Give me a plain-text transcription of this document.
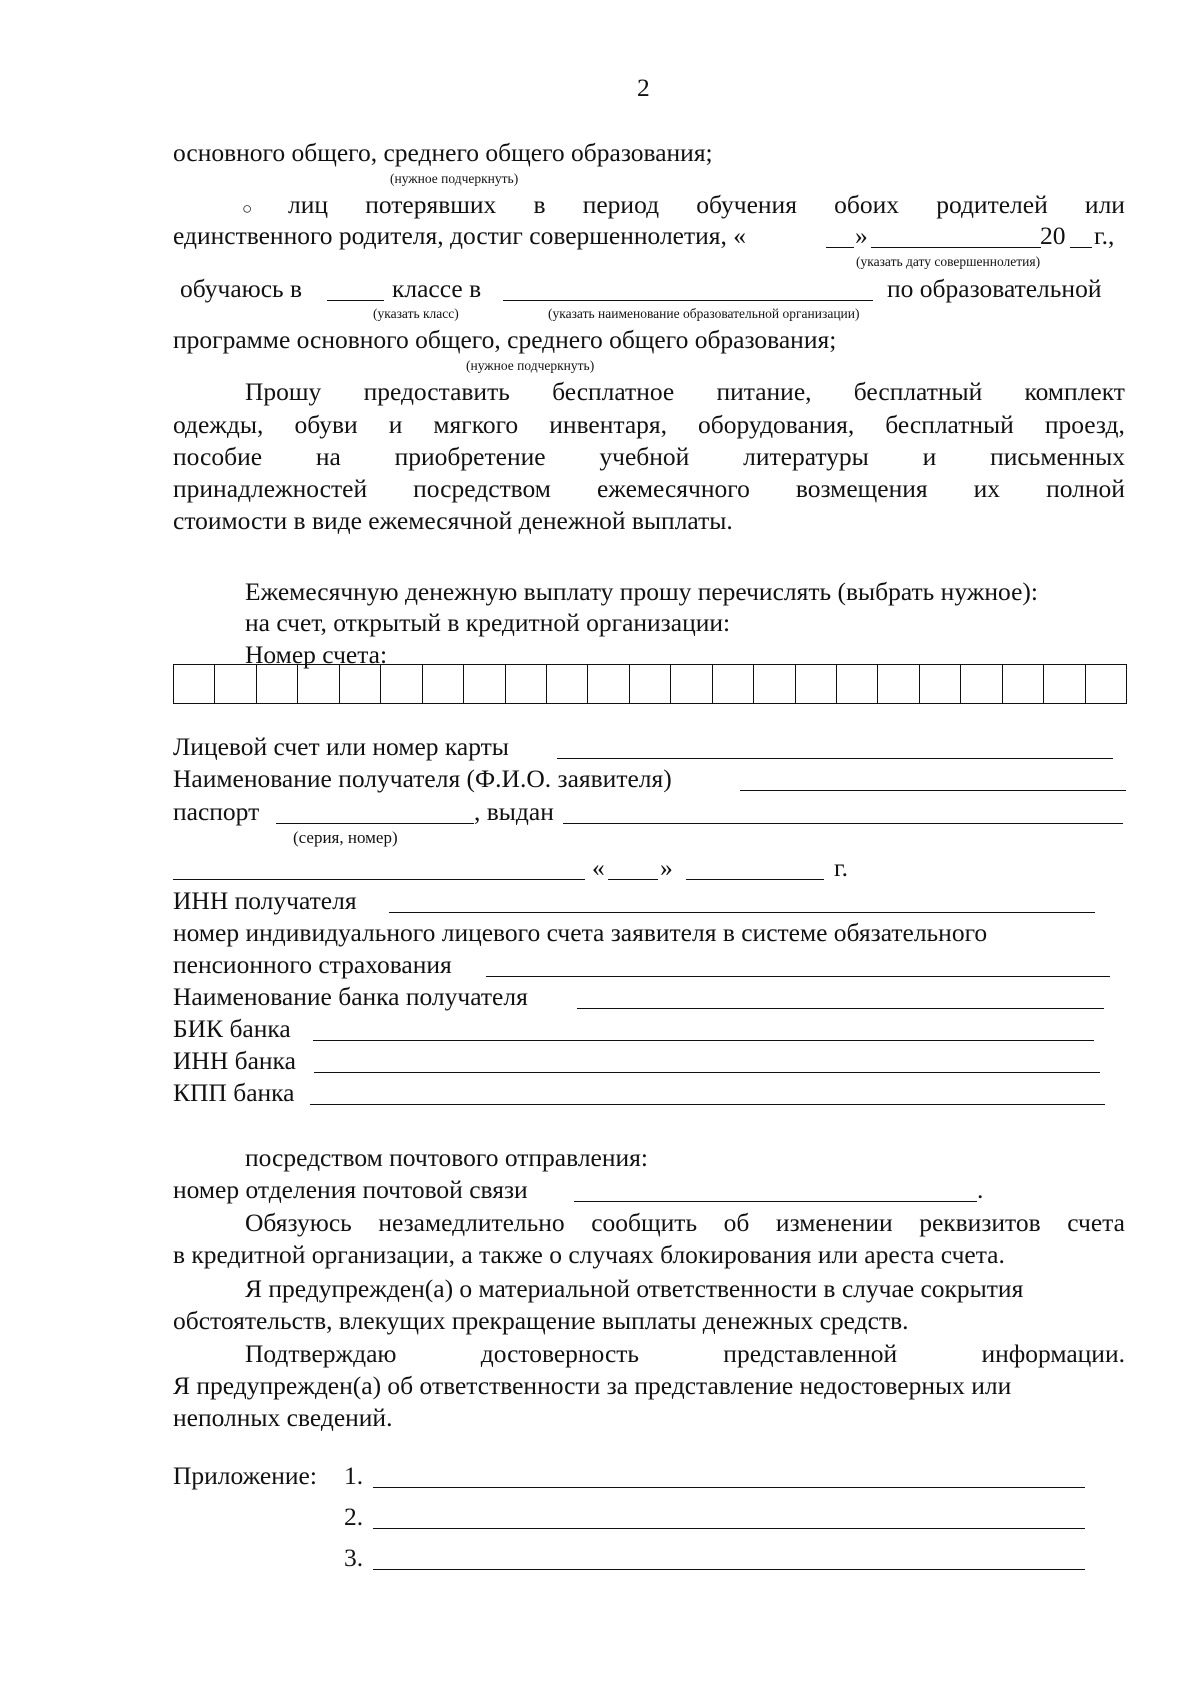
2
основного общего, среднего общего образования;
(нужное подчеркнуть)
○ лиц потерявших в период обучения обоих родителей или
единственного родителя, достиг совершеннолетия, «	»	20 г.,
(указать дату совершеннолетия)
обучаюсь в	классе в	по образовательной
(указать класс)	(указать наименование образовательной организации)
программе основного общего, среднего общего образования;
(нужное подчеркнуть)
Прошу предоставить бесплатное питание, бесплатный комплект
одежды, обуви и мягкого инвентаря, оборудования, бесплатный проезд,
пособие на приобретение учебной литературы и письменных
принадлежностей посредством ежемесячного возмещения их полной
стоимости в виде ежемесячной денежной выплаты.
Ежемесячную денежную выплату прошу перечислять (выбрать нужное):
на счет, открытый в кредитной организации:
Номер счета:
Лицевой счет или номер карты
Наименование получателя (Ф.И.О. заявителя)
паспорт	, выдан
(серия, номер)
« »	г.
ИНН получателя
номер индивидуального лицевого счета заявителя в системе обязательного
пенсионного страхования
Наименование банка получателя
БИК банка
ИНН банка
КПП банка
посредством почтового отправления:
номер отделения почтовой связи	.
Обязуюсь незамедлительно сообщить об изменении реквизитов счета
в кредитной организации, а также о случаях блокирования или ареста счета.
Я предупрежден(а) о материальной ответственности в случае сокрытия
обстоятельств, влекущих прекращение выплаты денежных средств.
Подтверждаю	достоверность	представленной	информации.
Я предупрежден(а) об ответственности за представление недостоверных или
неполных сведений.
Приложение: 1.
2.
3.
